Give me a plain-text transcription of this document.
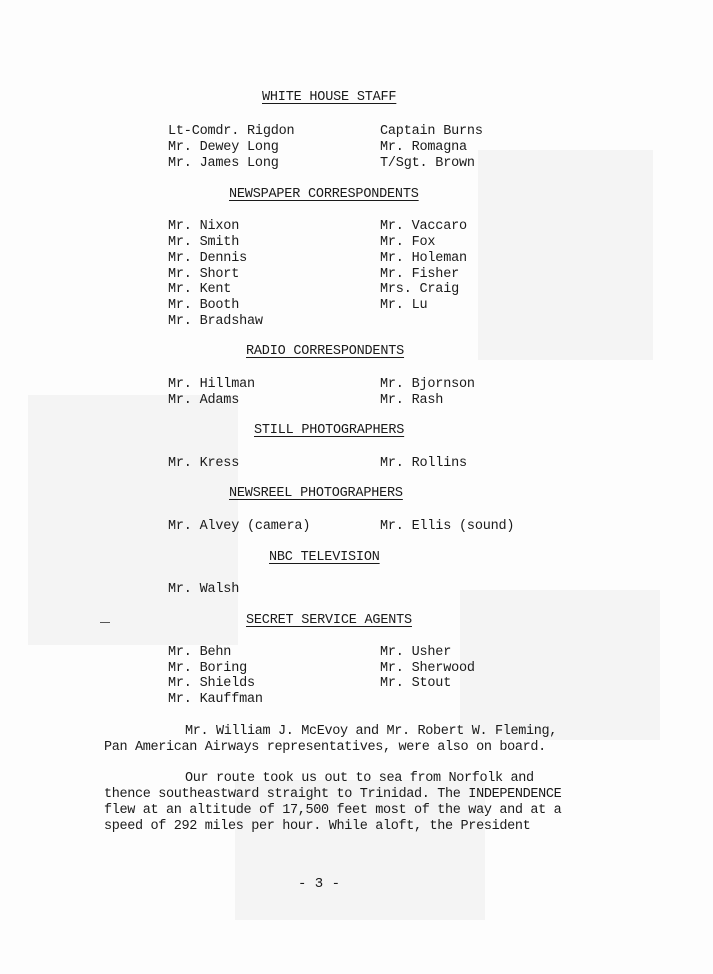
WHITE HOUSE STAFF
Lt-Comdr. Rigdon
Mr. Dewey Long
Mr. James Long
Captain Burns
Mr. Romagna
T/Sgt. Brown
NEWSPAPER CORRESPONDENTS
Mr. Nixon
Mr. Smith
Mr. Dennis
Mr. Short
Mr. Kent
Mr. Booth
Mr. Bradshaw
Mr. Vaccaro
Mr. Fox
Mr. Holeman
Mr. Fisher
Mrs. Craig
Mr. Lu
RADIO CORRESPONDENTS
Mr. Hillman
Mr. Adams
Mr. Bjornson
Mr. Rash
STILL PHOTOGRAPHERS
Mr. Kress	Mr. Rollins
NEWSREEL PHOTOGRAPHERS
Mr. Alvey (camera)	Mr. Ellis (sound)
NBC TELEVISION
Mr. Walsh
SECRET SERVICE AGENTS
Mr. Behn
Mr. Boring
Mr. Shields
Mr. Kauffman
Mr. Usher
Mr. Sherwood
Mr. Stout
Mr. William J. McEvoy and Mr. Robert W. Fleming,
Pan American Airways representatives, were also on board.
Our route took us out to sea from Norfolk and
thence southeastward straight to Trinidad. The INDEPENDENCE
flew at an altitude of 17,500 feet most of the way and at a
speed of 292 miles per hour. While aloft, the President
- 3 -
